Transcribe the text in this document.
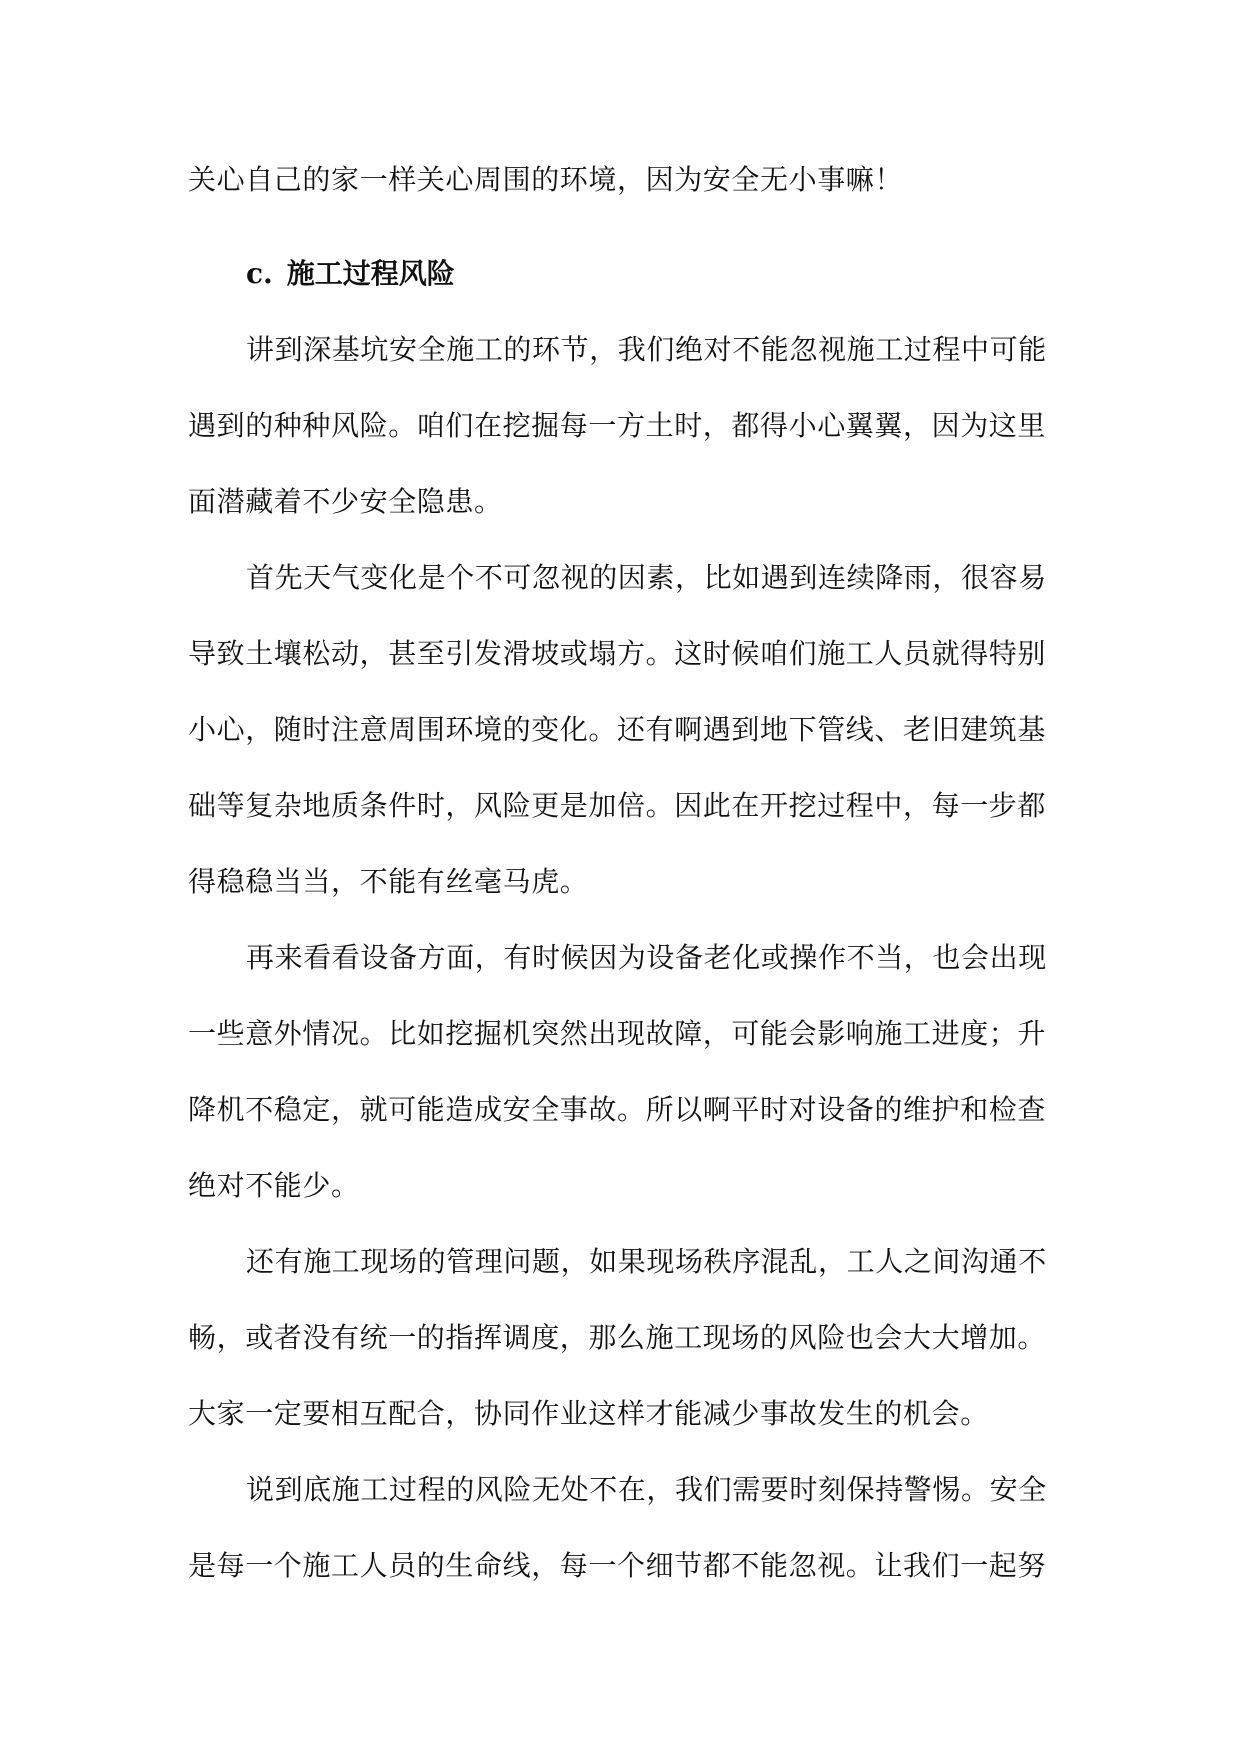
关心自己的家一样关心周围的环境，因为安全无小事嘛！
c. 施工过程风险
讲到深基坑安全施工的环节，我们绝对不能忽视施工过程中可能
遇到的种种风险。咱们在挖掘每一方土时，都得小心翼翼，因为这里
面潜藏着不少安全隐患。
首先天气变化是个不可忽视的因素，比如遇到连续降雨，很容易
导致土壤松动，甚至引发滑坡或塌方。这时候咱们施工人员就得特别
小心，随时注意周围环境的变化。还有啊遇到地下管线、老旧建筑基
础等复杂地质条件时，风险更是加倍。因此在开挖过程中，每一步都
得稳稳当当，不能有丝毫马虎。
再来看看设备方面，有时候因为设备老化或操作不当，也会出现
一些意外情况。比如挖掘机突然出现故障，可能会影响施工进度；升
降机不稳定，就可能造成安全事故。所以啊平时对设备的维护和检查
绝对不能少。
还有施工现场的管理问题，如果现场秩序混乱，工人之间沟通不
畅，或者没有统一的指挥调度，那么施工现场的风险也会大大增加。
大家一定要相互配合，协同作业这样才能减少事故发生的机会。
说到底施工过程的风险无处不在，我们需要时刻保持警惕。安全
是每一个施工人员的生命线，每一个细节都不能忽视。让我们一起努
